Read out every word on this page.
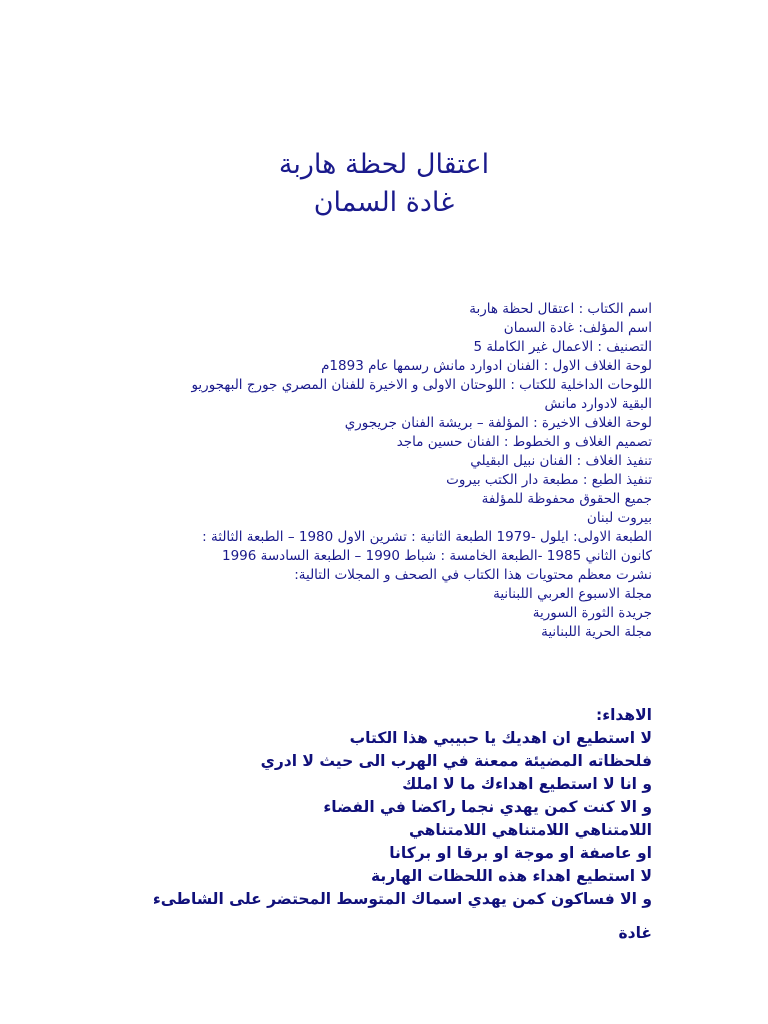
اعتقال لحظة هاربة
غادة السمان
اسم الكتاب : اعتقال لحظة هاربة
اسم المؤلف: غادة السمان
التصنيف : الاعمال غير الكاملة 5
لوحة الغلاف الاول : الفنان ادوارد مانش رسمها عام 1893م
اللوحات الداخلية للكتاب : اللوحتان الاولى و الاخيرة للفنان المصري جورج البهجوريو
البقية لادوارد مانش
لوحة الغلاف الاخيرة : المؤلفة – بريشة الفنان جريجوري
تصميم الغلاف و الخطوط : الفنان حسين ماجد
تنفيذ الغلاف : الفنان نبيل البقيلي
تنفيذ الطبع : مطبعة دار الكتب بيروت
جميع الحقوق محفوظة للمؤلفة
بيروت لبنان
الطبعة الاولى: ايلول -1979 الطبعة الثانية : تشرين الاول 1980 – الطبعة الثالثة :
كانون الثاني 1985 -الطبعة الخامسة : شباط 1990 – الطبعة السادسة 1996
نشرت معظم محتويات هذا الكتاب في الصحف و المجلات التالية:
مجلة الاسبوع العربي اللبنانية
جريدة الثورة السورية
مجلة الحرية اللبنانية
الاهداء:
لا استطيع ان اهديك يا حبيبي هذا الكتاب
فلحظاته المضيئة ممعنة في الهرب الى حيث لا ادري
و انا لا استطيع اهداءك ما لا املك
و الا كنت كمن يهدي نجما راكضا في الفضاء
اللامتناهي اللامتناهي اللامتناهي
او عاصفة او موجة او برقا او بركانا
لا استطيع اهداء هذه اللحظات الهاربة
و الا فساكون كمن يهدي اسماك المتوسط المحتضر على الشاطىء
غادة
